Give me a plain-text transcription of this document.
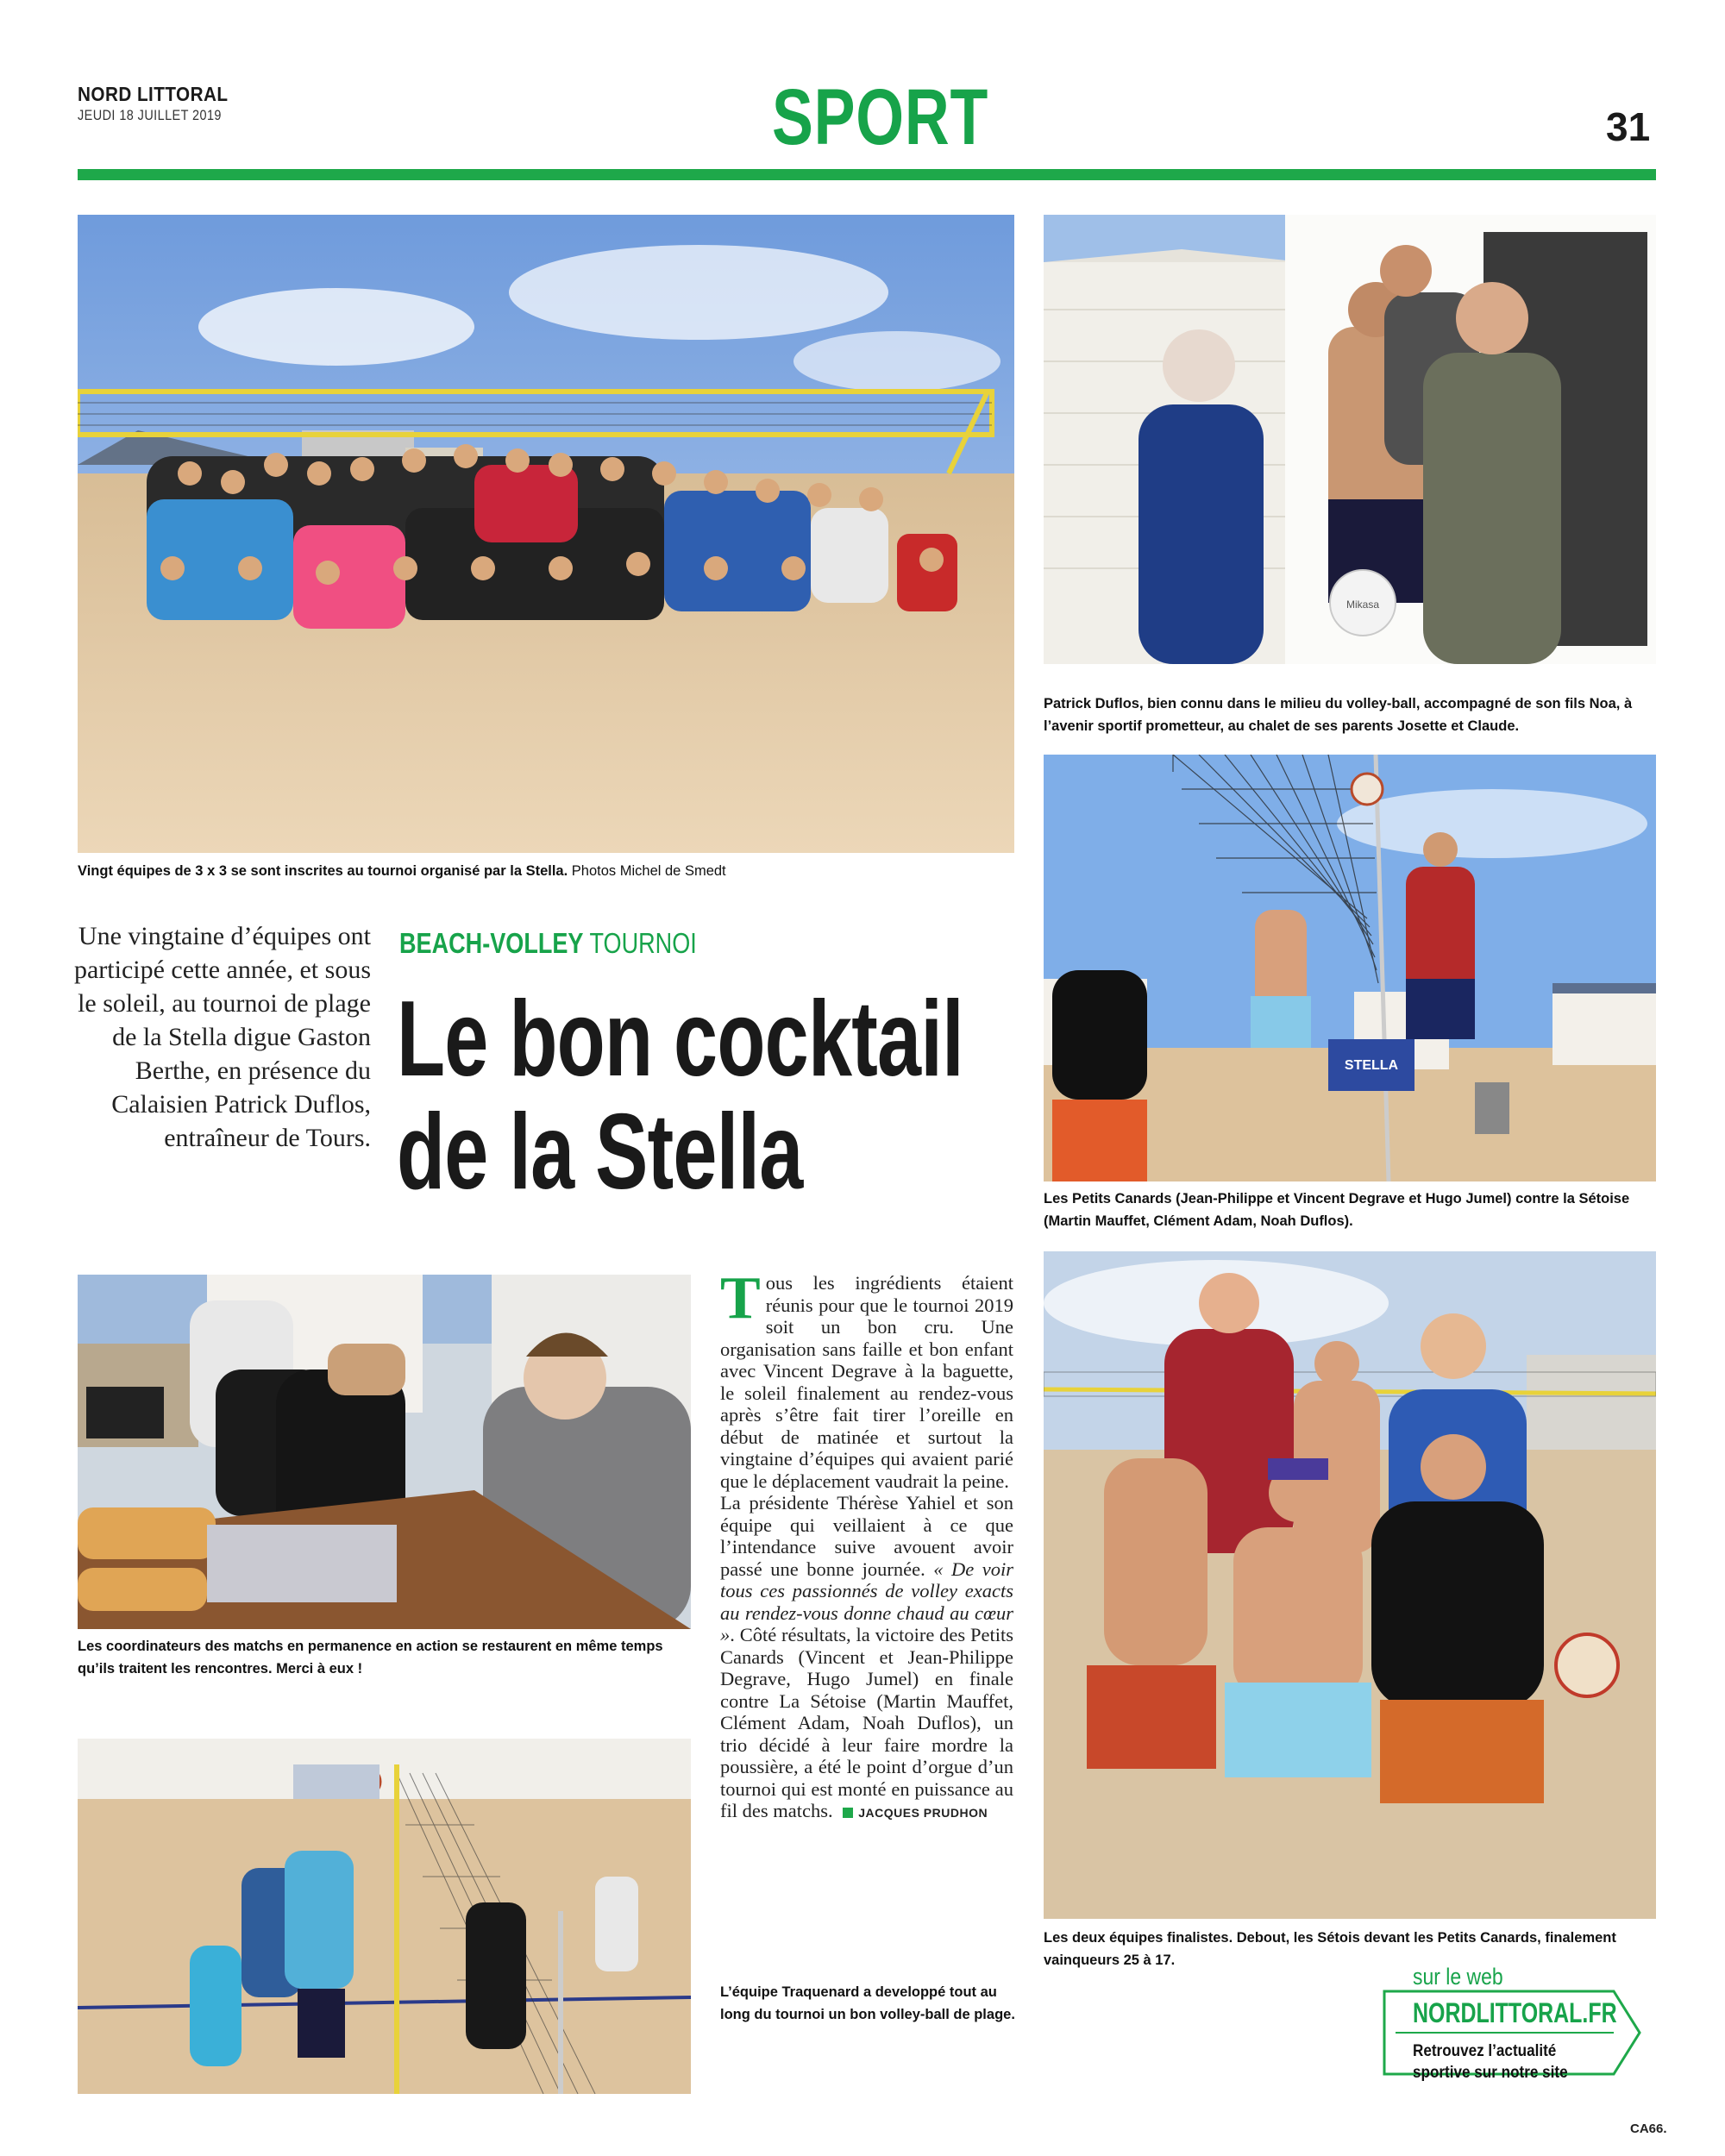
NORD LITTORAL
JEUDI 18 JUILLET 2019	SPORT	31
Vingt équipes de 3 x 3 se sont inscrites au tournoi organisé par la Stella. Photos Michel de Smedt
Mikasa
Patrick Duflos, bien connu dans le milieu du volley-ball, accompagné de son fils Noa, à l’avenir sportif prometteur, au chalet de ses parents Josette et Claude.
STELLA
Les Petits Canards (Jean-Philippe et Vincent Degrave et Hugo Jumel) contre la Sétoise (Martin Mauffet, Clément Adam, Noah Duflos).
Une vingtaine d’équipes ont participé cette année, et sous le soleil, au tournoi de plage de la Stella digue Gaston Berthe, en présence du Calaisien Patrick Duflos, entraîneur de Tours.
BEACH-VOLLEY TOURNOI
Le bon cocktail
de la Stella
Les coordinateurs des matchs en permanence en action se restaurent en même temps qu’ils traitent les rencontres. Merci à eux !
Tous les ingrédients étaient réunis pour que le tournoi 2019 soit un bon cru. Une organisation sans faille et bon enfant avec Vincent Degrave à la baguette, le soleil finalement au rendez-vous après s’être fait tirer l’oreille en début de matinée et surtout la vingtaine d’équipes qui avaient parié que le déplacement vaudrait la peine.
La présidente Thérèse Yahiel et son équipe qui veillaient à ce que l’intendance suive avouent avoir passé une bonne journée. « De voir tous ces passionnés de volley exacts au rendez-vous donne chaud au cœur ». Côté résultats, la victoire des Petits Canards (Vincent et Jean-Philippe Degrave, Hugo Jumel) en finale contre La Sétoise (Martin Mauffet, Clément Adam, Noah Duflos), un trio décidé à leur faire mordre la poussière, a été le point d’orgue d’un tournoi qui est monté en puissance au fil des matchs. JACQUES PRUDHON
Les deux équipes finalistes. Debout, les Sétois devant les Petits Canards, finalement vainqueurs 25 à 17.
L’équipe Traquenard a developpé tout au long du tournoi un bon volley-ball de plage.
sur le web
NORDLITTORAL.FR
Retrouvez l’actualité sportive sur notre site
CA66.
